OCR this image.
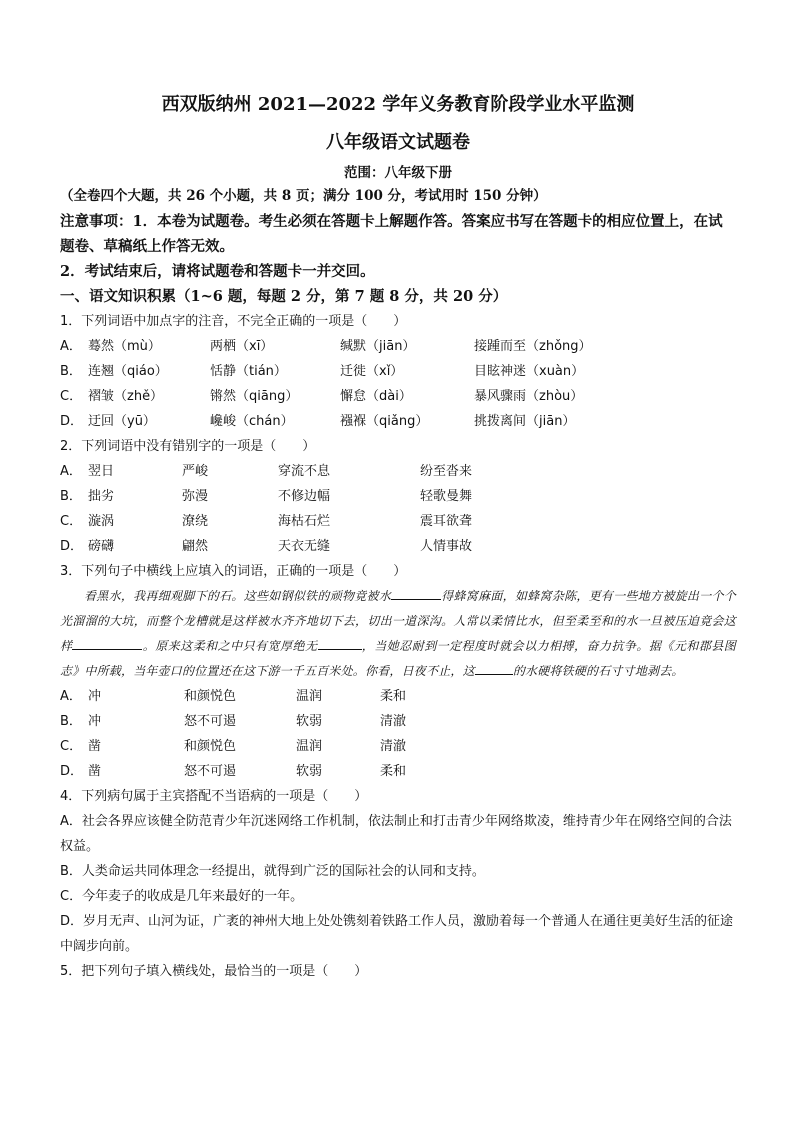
西双版纳州 2021—2022 学年义务教育阶段学业水平监测

八年级语文试题卷

范围：八年级下册

（全卷四个大题，共 26 个小题，共 8 页；满分 100 分，考试用时 150 分钟）

注意事项：1．本卷为试题卷。考生必须在答题卡上解题作答。答案应书写在答题卡的相应位置上，在试题卷、草稿纸上作答无效。

2．考试结束后，请将试题卷和答题卡一并交回。

一、语文知识积累（1~6 题，每题 2 分，第 7 题 8 分，共 20 分）

1．下列词语中加点字的注音，不完全正确的一项是（　　）

A． 蓦然（mù）	两栖（xī）	缄默（jiān）	接踵而至（zhǒng）
B． 连翘（qiáo）	恬静（tián）	迁徙（xǐ）	目眩神迷（xuàn）
C． 褶皱（zhě）	锵然（qiāng）	懈怠（dài）	暴风骤雨（zhòu）
D． 迂回（yū）	巉峻（chán）	襁褓（qiǎng）	挑拨离间（jiān）

2．下列词语中没有错别字的一项是（　　）

A． 翌日	严峻	穿流不息	纷至沓来
B． 拙劣	弥漫	不修边幅	轻歌曼舞
C． 漩涡	潦绕	海枯石烂	震耳欲聋
D． 磅礴	翩然	天衣无缝	人情事故

3．下列句子中横线上应填入的词语，正确的一项是（　　）

看黑水，我再细观脚下的石。这些如钢似铁的顽物竟被水	得蜂窝麻面，如蜂窝杂陈，更有一些地方被旋出一个个光溜溜的大坑，而整个龙槽就是这样被水齐齐地切下去，切出一道深沟。人常以柔情比水，但至柔至和的水一旦被压迫竟会这样	。原来这柔和之中只有宽厚绝无	，当她忍耐到一定程度时就会以力相搏，奋力抗争。据《元和郡县图志》中所载，当年壶口的位置还在这下游一千五百米处。你看，日夜不止，这	的水硬将铁硬的石寸寸地剥去。

A． 冲	和颜悦色	温润	柔和
B． 冲	怒不可遏	软弱	清澈
C． 凿	和颜悦色	温润	清澈
D． 凿	怒不可遏	软弱	柔和

4．下列病句属于主宾搭配不当语病的一项是（　　）

A．社会各界应该健全防范青少年沉迷网络工作机制，依法制止和打击青少年网络欺凌，维持青少年在网络空间的合法权益。

B．人类命运共同体理念一经提出，就得到广泛的国际社会的认同和支持。

C．今年麦子的收成是几年来最好的一年。

D．岁月无声、山河为证，广袤的神州大地上处处镌刻着铁路工作人员，激励着每一个普通人在通往更美好生活的征途中阔步向前。

5．把下列句子填入横线处，最恰当的一项是（　　）
